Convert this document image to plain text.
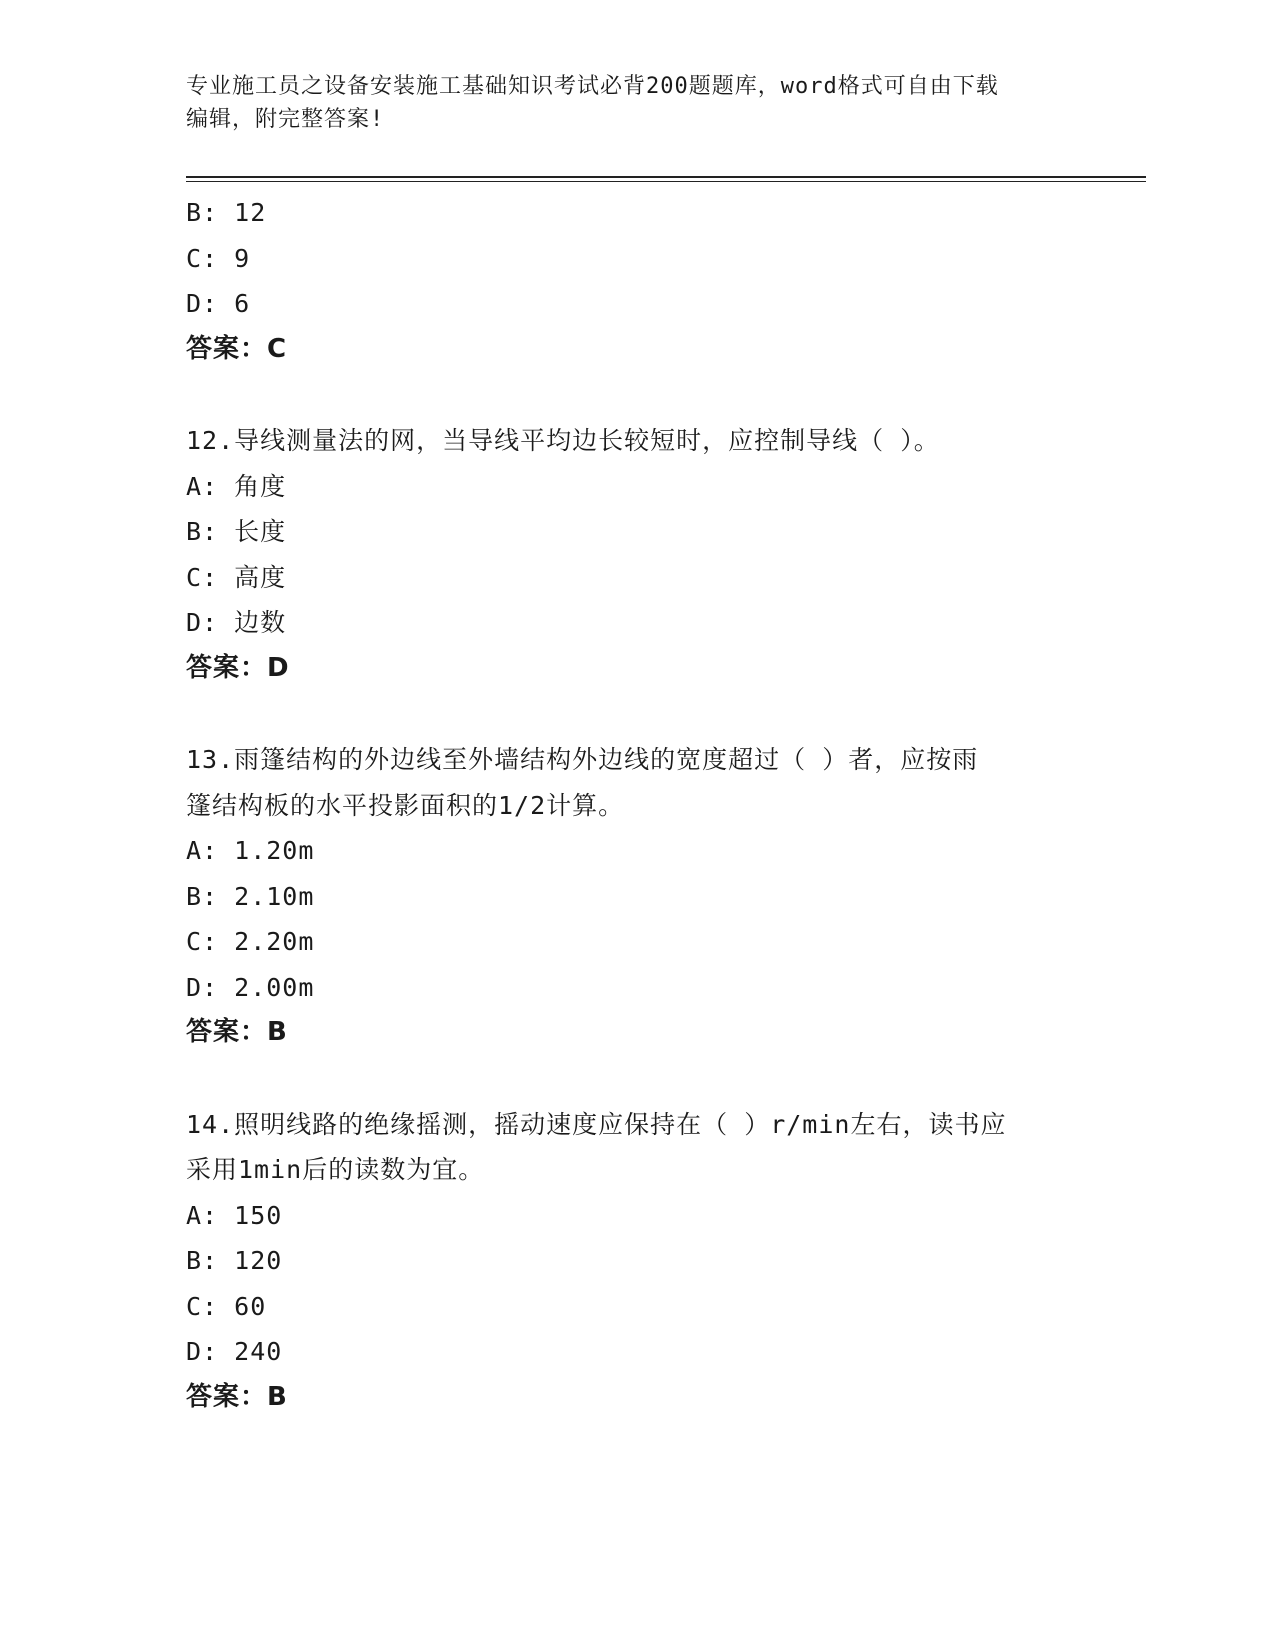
专业施工员之设备安装施工基础知识考试必背200题题库，word格式可自由下载
编辑，附完整答案!
B: 12
C: 9
D: 6
答案：C
12.导线测量法的网，当导线平均边长较短时，应控制导线（ ）。
A: 角度
B: 长度
C: 高度
D: 边数
答案：D
13.雨篷结构的外边线至外墙结构外边线的宽度超过（ ）者，应按雨
篷结构板的水平投影面积的1/2计算。
A: 1.20m
B: 2.10m
C: 2.20m
D: 2.00m
答案：B
14.照明线路的绝缘摇测，摇动速度应保持在（ ）r/min左右，读书应
采用1min后的读数为宜。
A: 150
B: 120
C: 60
D: 240
答案：B
